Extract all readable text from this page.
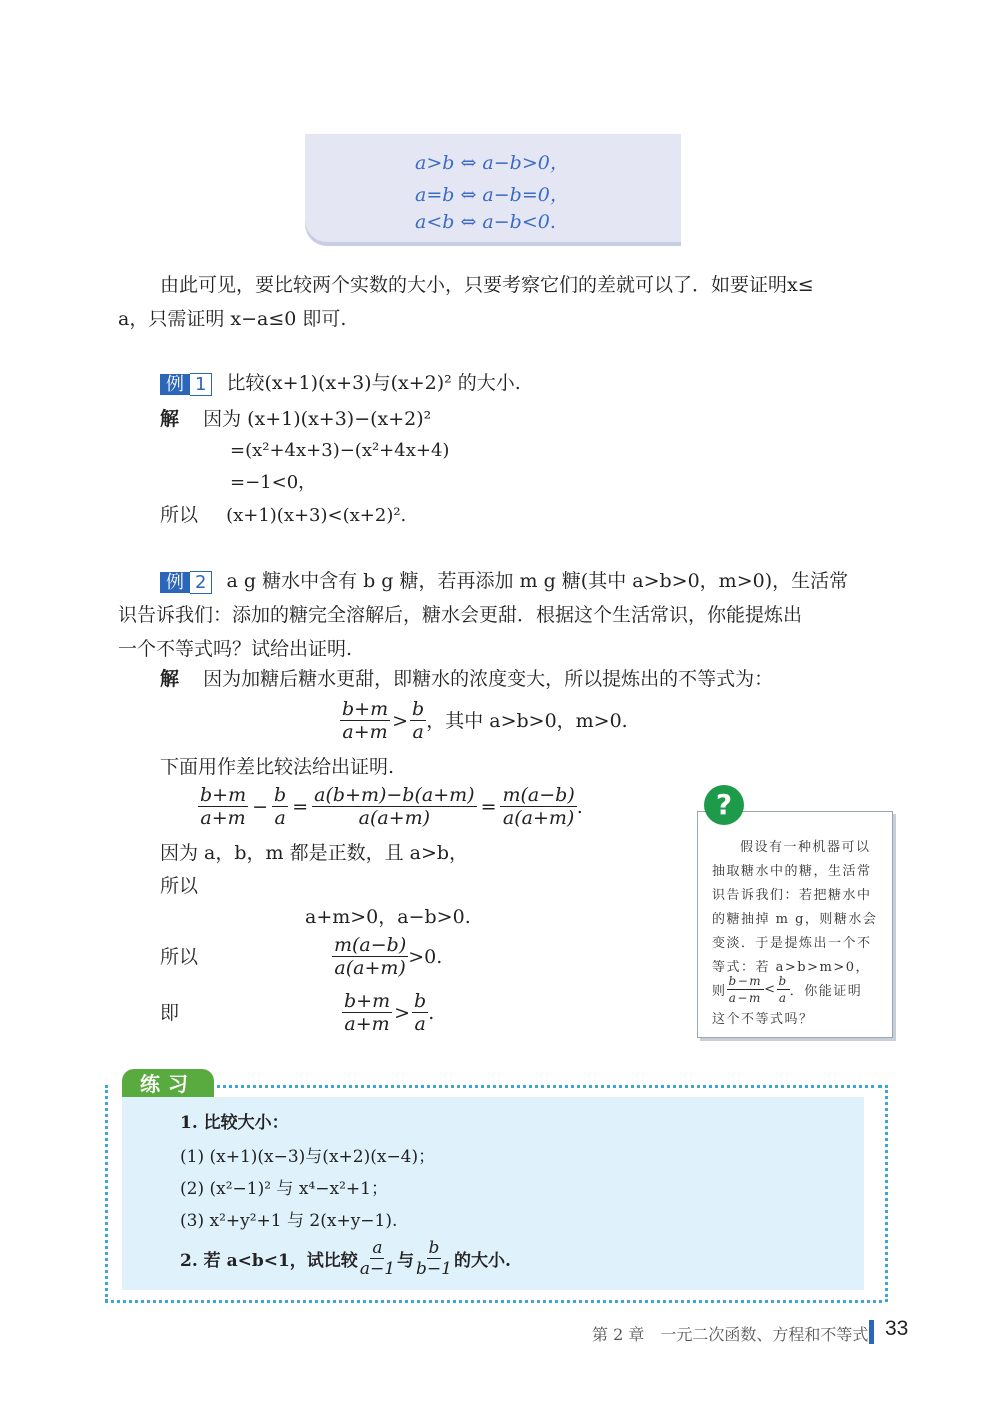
a>b ⇔ a−b>0，
a=b ⇔ a−b=0，
a<b ⇔ a−b<0.
由此可见，要比较两个实数的大小，只要考察它们的差就可以了．如要证明x≤
a，只需证明 x−a≤0 即可.
例 1 比较(x+1)(x+3)与(x+2)² 的大小.
解 因为 (x+1)(x+3)−(x+2)²
=(x²+4x+3)−(x²+4x+4)
=−1<0，
所以 (x+1)(x+3)<(x+2)².
例 2 a g 糖水中含有 b g 糖，若再添加 m g 糖(其中 a>b>0，m>0)，生活常
识告诉我们：添加的糖完全溶解后，糖水会更甜．根据这个生活常识，你能提炼出
一个不等式吗？试给出证明.
解 因为加糖后糖水更甜，即糖水的浓度变大，所以提炼出的不等式为：
$\frac{b+m}{a+m} > \frac{b}{a}$ ，其中 a>b>0，m>0.
下面用作差比较法给出证明.
$\frac{b+m}{a+m} - \frac{b}{a} = \frac{a(b+m)-b(a+m)}{a(a+m)} = \frac{m(a-b)}{a(a+m)}$ .
因为 a，b，m 都是正数，且 a>b，
所以
a+m>0，a−b>0.
所以	$\frac{m(a-b)}{a(a+m)} >0$.
即	$\frac{b+m}{a+m} > \frac{b}{a}$ .
?
假设有一种机器可以
抽取糖水中的糖，生活常
识告诉我们：若把糖水中
的糖抽掉 m g，则糖水会
变淡．于是提炼出一个不
等式：若 a>b>m>0，
则 $\frac{b-m}{a-m} < \frac{b}{a}$ ．你能证明
这个不等式吗？
练习
1. 比较大小：
(1) (x+1)(x−3)与(x+2)(x−4)；
(2) (x²−1)² 与 x⁴−x²+1；
(3) x²+y²+1 与 2(x+y−1).
2. 若 a<b<1，试比较 $\frac{a}{a-1}$ 与 $\frac{b}{b-1}$ 的大小.
第 2 章　一元二次函数、方程和不等式 33
